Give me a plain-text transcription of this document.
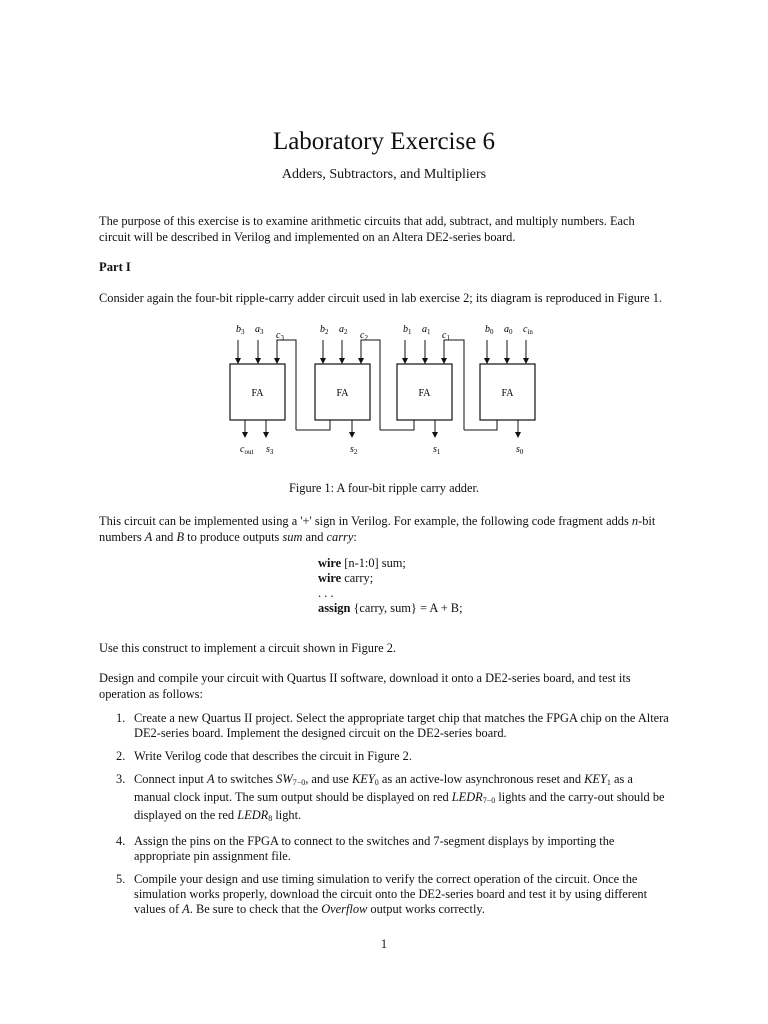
Laboratory Exercise 6
Adders, Subtractors, and Multipliers
The purpose of this exercise is to examine arithmetic circuits that add, subtract, and multiply numbers. Each circuit will be described in Verilog and implemented on an Altera DE2-series board.
Part I
Consider again the four-bit ripple-carry adder circuit used in lab exercise 2; its diagram is reproduced in Figure 1.
FA	FA	FA	FA
$b_3$ $a_3$ $c_3$
$b_2$ $a_2$ $c_2$
$b_1$ $a_1$ $c_1$
$b_0$ $a_0$ $c_{in}$
$c_{out}$ $s_3$	$s_2$	$s_1$	$s_0$
Figure 1: A four-bit ripple carry adder.
This circuit can be implemented using a '+' sign in Verilog. For example, the following code fragment adds n-bit numbers A and B to produce outputs sum and carry:
wire [n-1:0] sum;
wire carry;
. . .
assign {carry, sum} = A + B;
Use this construct to implement a circuit shown in Figure 2.
Design and compile your circuit with Quartus II software, download it onto a DE2-series board, and test its operation as follows:
1. Create a new Quartus II project. Select the appropriate target chip that matches the FPGA chip on the Altera DE2-series board. Implement the designed circuit on the DE2-series board.
2. Write Verilog code that describes the circuit in Figure 2.
3. Connect input A to switches $SW_{7-0}$, and use $KEY_0$ as an active-low asynchronous reset and $KEY_1$ as a manual clock input. The sum output should be displayed on red $LEDR_{7-0}$ lights and the carry-out should be displayed on the red $LEDR_8$ light.
4. Assign the pins on the FPGA to connect to the switches and 7-segment displays by importing the appropriate pin assignment file.
5. Compile your design and use timing simulation to verify the correct operation of the circuit. Once the simulation works properly, download the circuit onto the DE2-series board and test it by using different values of A. Be sure to check that the Overflow output works correctly.
1
